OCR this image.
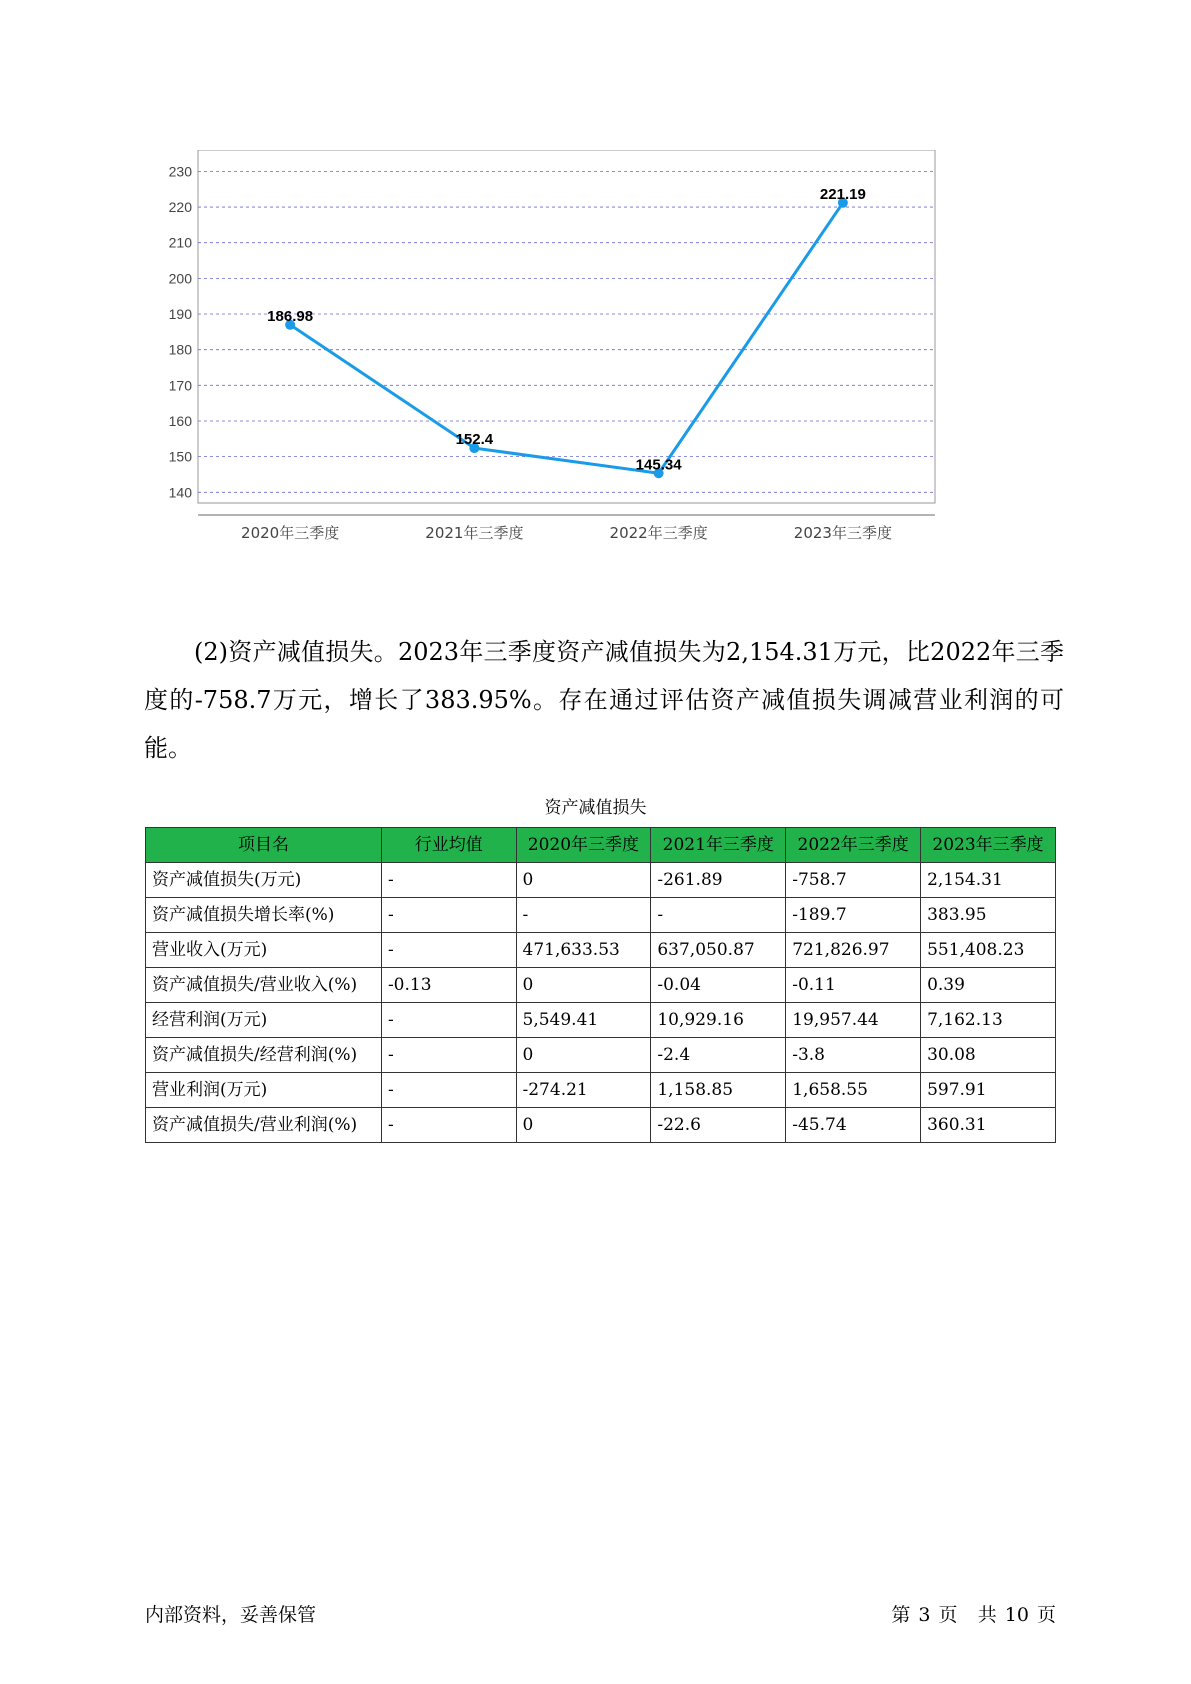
140
150
160
170
180
190
200
210
220
230
2020年三季度	2021年三季度	2022年三季度	2023年三季度
186.98
152.4
145.34
221.19

(2)资产减值损失。2023年三季度资产减值损失为2,154.31万元，比2022年三季度的-758.7万元，增长了383.95%。存在通过评估资产减值损失调减营业利润的可能。

资产减值损失
项目名	行业均值	2020年三季度	2021年三季度	2022年三季度	2023年三季度
资产减值损失(万元)	-	0	-261.89	-758.7	2,154.31
资产减值损失增长率(%)	-	-	-	-189.7	383.95
营业收入(万元)	-	471,633.53	637,050.87	721,826.97	551,408.23
资产减值损失/营业收入(%)	-0.13	0	-0.04	-0.11	0.39
经营利润(万元)	-	5,549.41	10,929.16	19,957.44	7,162.13
资产减值损失/经营利润(%)	-	0	-2.4	-3.8	30.08
营业利润(万元)	-	-274.21	1,158.85	1,658.55	597.91
资产减值损失/营业利润(%)	-	0	-22.6	-45.74	360.31
内部资料，妥善保管	第 3 页 共 10 页
